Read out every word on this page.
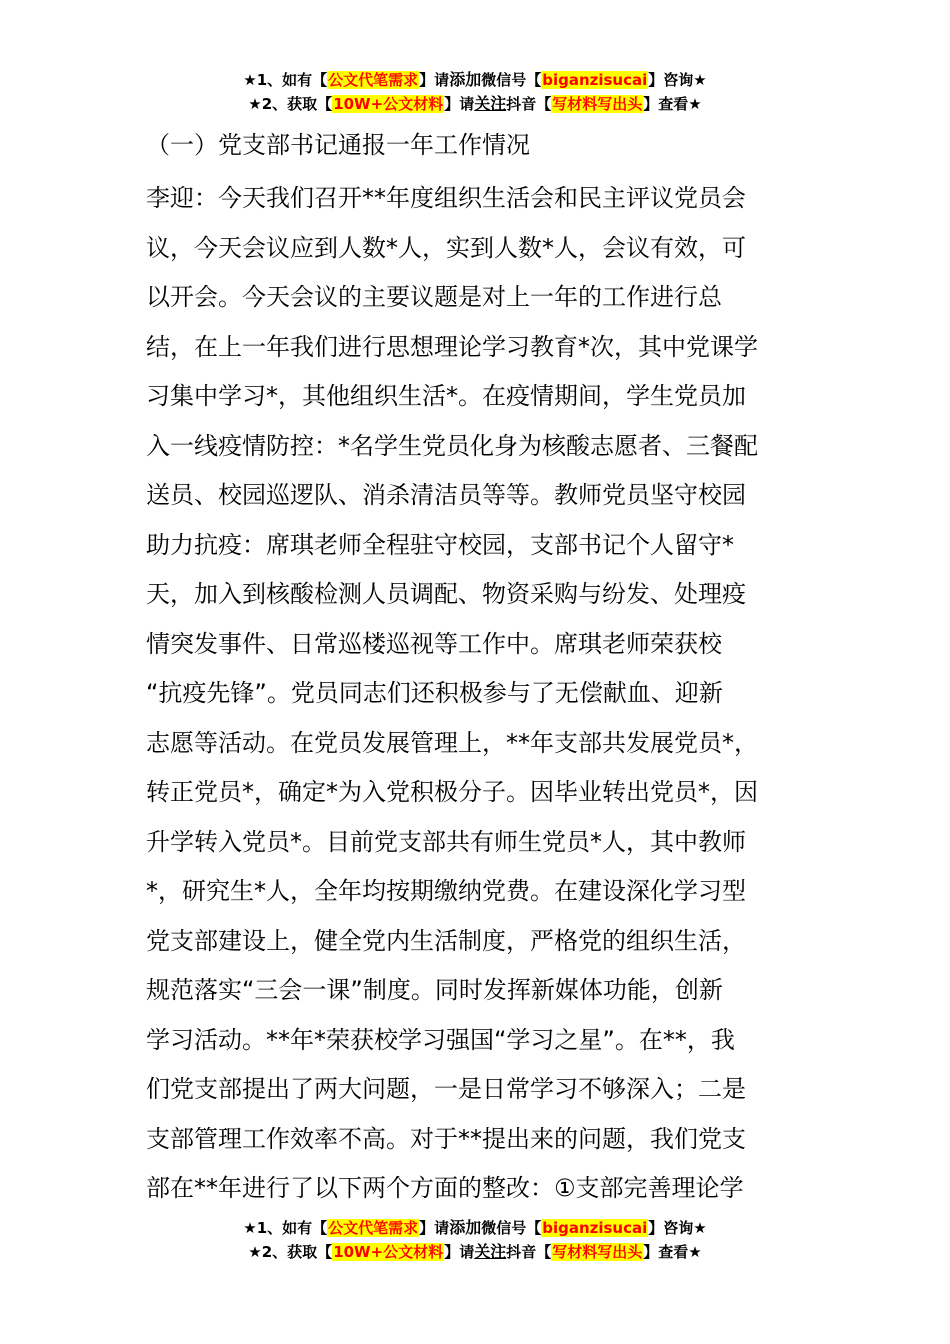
★1、如有【公文代笔需求】请添加微信号【biganzisucai】咨询★
★2、获取【10W+公文材料】请关注抖音【写材料写出头】查看★
（一）党支部书记通报一年工作情况
李迎：今天我们召开**年度组织生活会和民主评议党员会
议，今天会议应到人数*人，实到人数*人，会议有效，可
以开会。今天会议的主要议题是对上一年的工作进行总
结，在上一年我们进行思想理论学习教育*次，其中党课学
习集中学习*，其他组织生活*。在疫情期间，学生党员加
入一线疫情防控：*名学生党员化身为核酸志愿者、三餐配
送员、校园巡逻队、消杀清洁员等等。教师党员坚守校园
助力抗疫：席琪老师全程驻守校园，支部书记个人留守*
天，加入到核酸检测人员调配、物资采购与纷发、处理疫
情突发事件、日常巡楼巡视等工作中。席琪老师荣获校
“抗疫先锋”。党员同志们还积极参与了无偿献血、迎新
志愿等活动。在党员发展管理上，**年支部共发展党员*，
转正党员*，确定*为入党积极分子。因毕业转出党员*，因
升学转入党员*。目前党支部共有师生党员*人，其中教师
*，研究生*人，全年均按期缴纳党费。在建设深化学习型
党支部建设上，健全党内生活制度，严格党的组织生活，
规范落实“三会一课”制度。同时发挥新媒体功能，创新
学习活动。**年*荣获校学习强国“学习之星”。在**，我
们党支部提出了两大问题，一是日常学习不够深入；二是
支部管理工作效率不高。对于**提出来的问题，我们党支
部在**年进行了以下两个方面的整改：①支部完善理论学
★1、如有【公文代笔需求】请添加微信号【biganzisucai】咨询★
★2、获取【10W+公文材料】请关注抖音【写材料写出头】查看★
